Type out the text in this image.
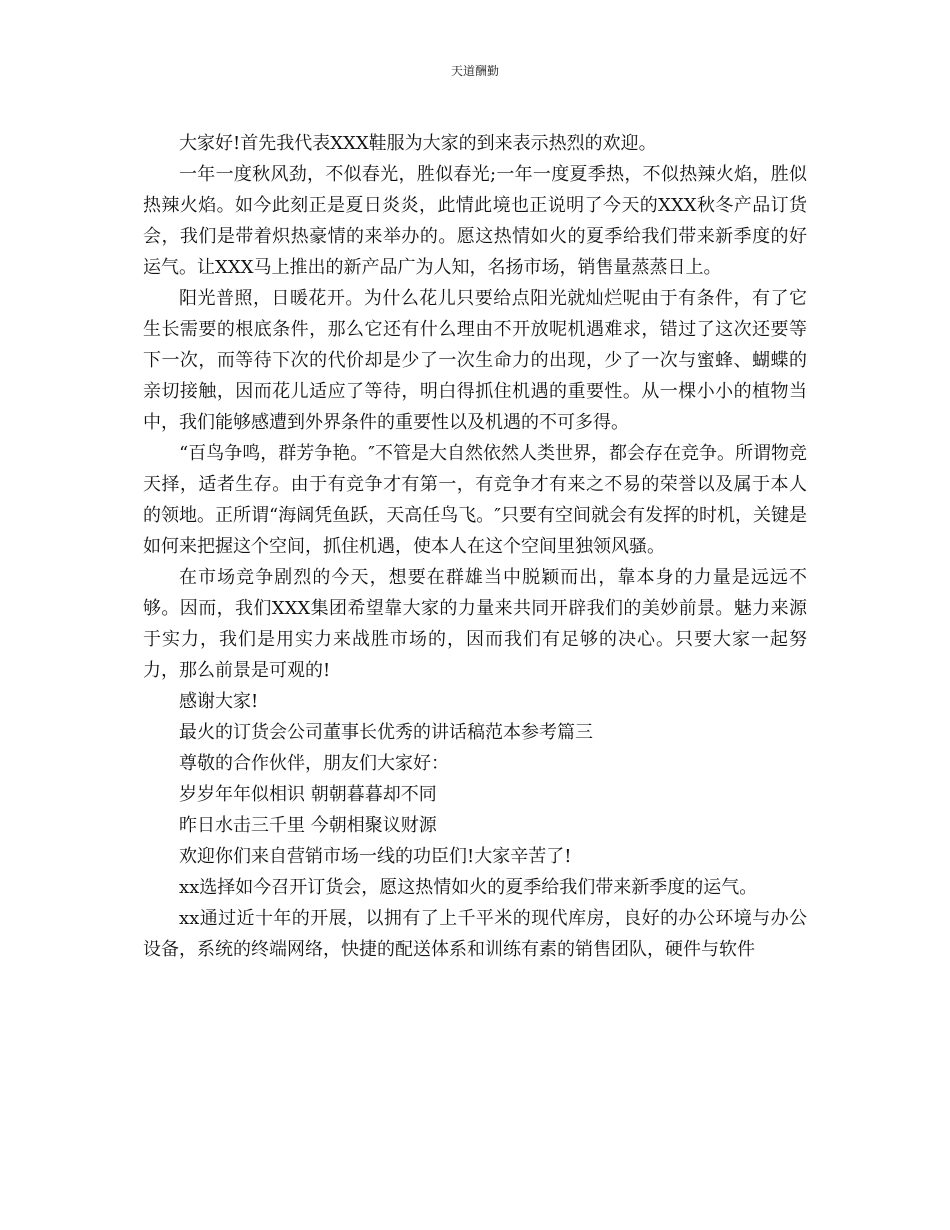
天道酬勤

大家好!首先我代表XXX鞋服为大家的到来表示热烈的欢迎。

一年一度秋风劲，不似春光，胜似春光;一年一度夏季热，不似热辣火焰，胜似热辣火焰。如今此刻正是夏日炎炎，此情此境也正说明了今天的XXX秋冬产品订货会，我们是带着炽热豪情的来举办的。愿这热情如火的夏季给我们带来新季度的好运气。让XXX马上推出的新产品广为人知，名扬市场，销售量蒸蒸日上。

阳光普照，日暖花开。为什么花儿只要给点阳光就灿烂呢由于有条件，有了它生长需要的根底条件，那么它还有什么理由不开放呢机遇难求，错过了这次还要等下一次，而等待下次的代价却是少了一次生命力的出现，少了一次与蜜蜂、蝴蝶的亲切接触，因而花儿适应了等待，明白得抓住机遇的重要性。从一棵小小的植物当中，我们能够感遭到外界条件的重要性以及机遇的不可多得。

“百鸟争鸣，群芳争艳。″不管是大自然依然人类世界，都会存在竞争。所谓物竞天择，适者生存。由于有竞争才有第一，有竞争才有来之不易的荣誉以及属于本人的领地。正所谓“海阔凭鱼跃，天高任鸟飞。″只要有空间就会有发挥的时机，关键是如何来把握这个空间，抓住机遇，使本人在这个空间里独领风骚。

在市场竞争剧烈的今天，想要在群雄当中脱颖而出，靠本身的力量是远远不够。因而，我们XXX集团希望靠大家的力量来共同开辟我们的美妙前景。魅力来源于实力，我们是用实力来战胜市场的，因而我们有足够的决心。只要大家一起努力，那么前景是可观的!

感谢大家!

最火的订货会公司董事长优秀的讲话稿范本参考篇三

尊敬的合作伙伴，朋友们大家好：

岁岁年年似相识 朝朝暮暮却不同

昨日水击三千里 今朝相聚议财源

欢迎你们来自营销市场一线的功臣们!大家辛苦了!

xx选择如今召开订货会，愿这热情如火的夏季给我们带来新季度的运气。

xx通过近十年的开展，以拥有了上千平米的现代库房，良好的办公环境与办公设备，系统的终端网络，快捷的配送体系和训练有素的销售团队，硬件与软件
